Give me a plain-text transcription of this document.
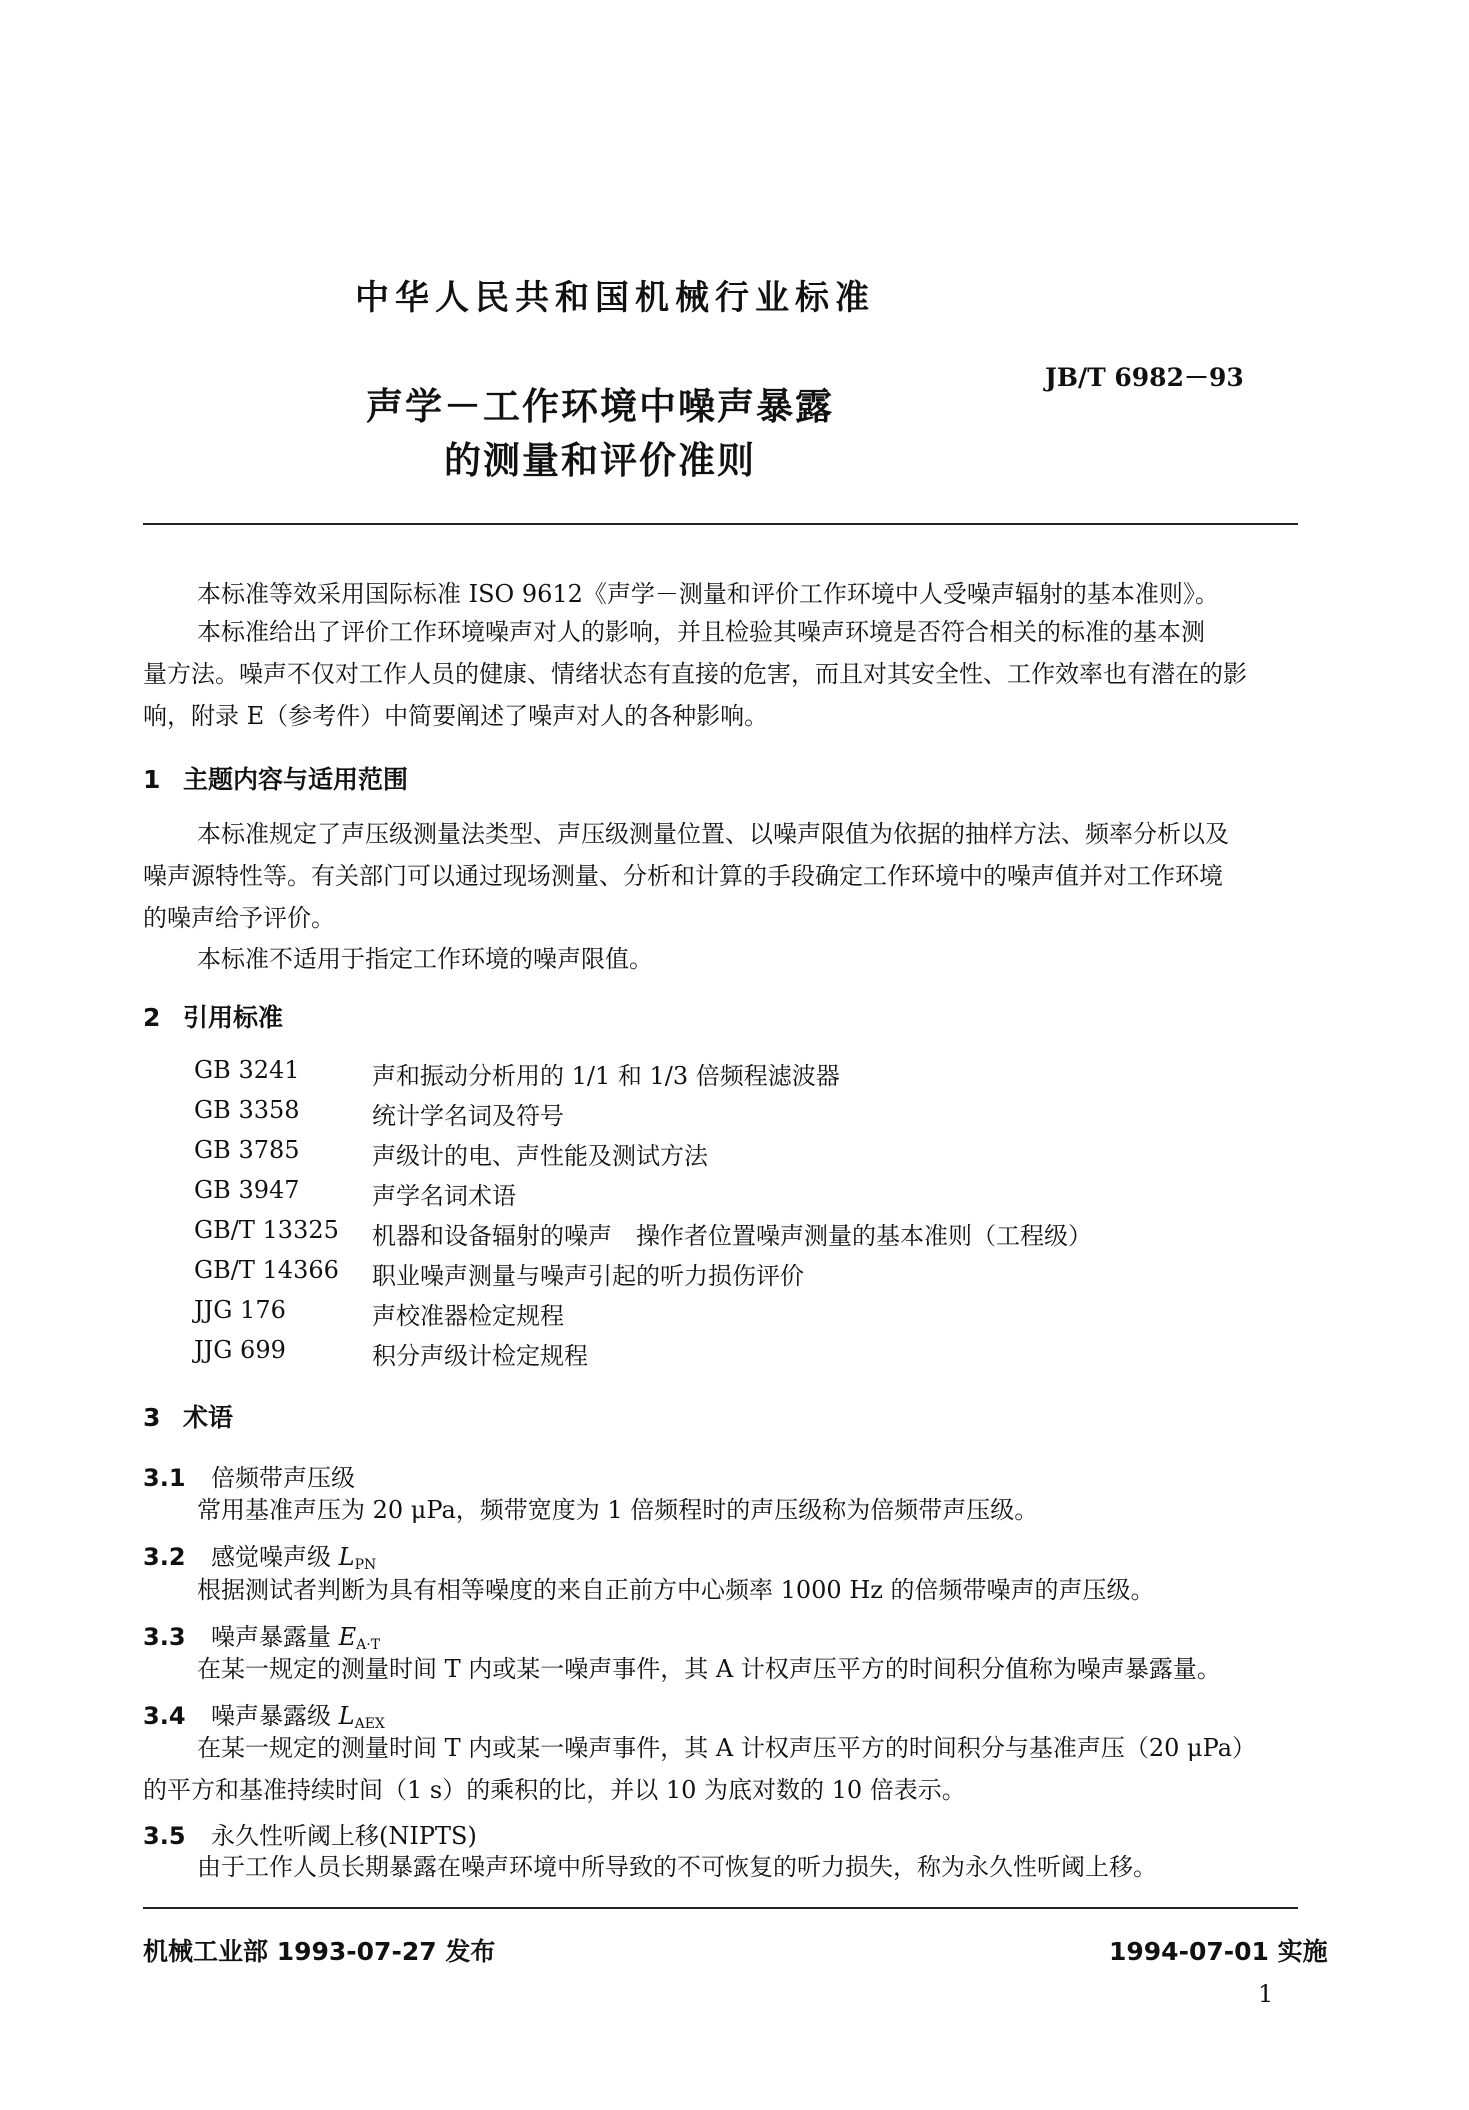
中华人民共和国机械行业标准
JB/T 6982－93
声学－工作环境中噪声暴露
的测量和评价准则
本标准等效采用国际标准 ISO 9612《声学－测量和评价工作环境中人受噪声辐射的基本准则》。
本标准给出了评价工作环境噪声对人的影响，并且检验其噪声环境是否符合相关的标准的基本测
量方法。噪声不仅对工作人员的健康、情绪状态有直接的危害，而且对其安全性、工作效率也有潜在的影
响，附录 E（参考件）中简要阐述了噪声对人的各种影响。
1 主题内容与适用范围
本标准规定了声压级测量法类型、声压级测量位置、以噪声限值为依据的抽样方法、频率分析以及
噪声源特性等。有关部门可以通过现场测量、分析和计算的手段确定工作环境中的噪声值并对工作环境
的噪声给予评价。
本标准不适用于指定工作环境的噪声限值。
2 引用标准
GB 3241	声和振动分析用的 1/1 和 1/3 倍频程滤波器
GB 3358	统计学名词及符号
GB 3785	声级计的电、声性能及测试方法
GB 3947	声学名词术语
GB/T 13325 机器和设备辐射的噪声　操作者位置噪声测量的基本准则（工程级）
GB/T 14366 职业噪声测量与噪声引起的听力损伤评价
JJG 176	声校准器检定规程
JJG 699	积分声级计检定规程
3 术语
3.1 倍频带声压级
常用基准声压为 20 μPa，频带宽度为 1 倍频程时的声压级称为倍频带声压级。
3.2 感觉噪声级 $L_{PN}$
根据测试者判断为具有相等噪度的来自正前方中心频率 1000 Hz 的倍频带噪声的声压级。
3.3 噪声暴露量 $E_{A\cdot T}$
在某一规定的测量时间 T 内或某一噪声事件，其 A 计权声压平方的时间积分值称为噪声暴露量。
3.4 噪声暴露级 $L_{AEX}$
在某一规定的测量时间 T 内或某一噪声事件，其 A 计权声压平方的时间积分与基准声压（20 μPa）
的平方和基准持续时间（1 s）的乘积的比，并以 10 为底对数的 10 倍表示。
3.5 永久性听阈上移(NIPTS)
由于工作人员长期暴露在噪声环境中所导致的不可恢复的听力损失，称为永久性听阈上移。
机械工业部 1993-07-27 发布	1994-07-01 实施
1
